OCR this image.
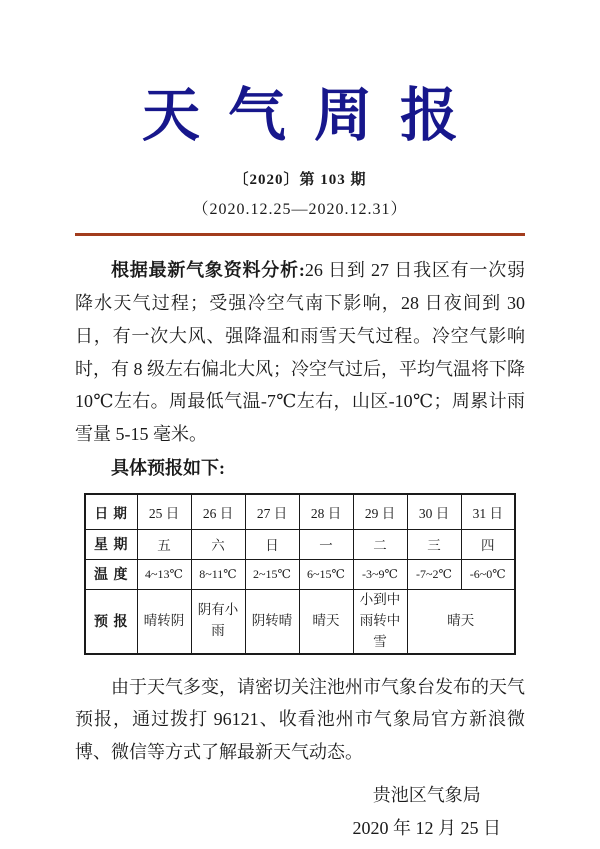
天气周报
〔2020〕第 103 期
（2020.12.25—2020.12.31）

根据最新气象资料分析:26 日到 27 日我区有一次弱降水天气过程；受强冷空气南下影响，28 日夜间到 30 日，有一次大风、强降温和雨雪天气过程。冷空气影响时，有 8 级左右偏北大风；冷空气过后，平均气温将下降 10℃左右。周最低气温-7℃左右，山区-10℃；周累计雨雪量 5-15 毫米。

具体预报如下:
日 期	25 日	26 日	27 日	28 日	29 日	30 日	31 日
星 期	五	六	日	一	二	三	四
温 度	4~13℃	8~11℃	2~15℃	6~15℃	-3~9℃	-7~2℃	-6~0℃
预 报	晴转阴	阴有小雨	阴转晴	晴天	小到中雨转中雪	晴天	

由于天气多变，请密切关注池州市气象台发布的天气预报，通过拨打 96121、收看池州市气象局官方新浪微博、微信等方式了解最新天气动态。

贵池区气象局
2020 年 12 月 25 日
